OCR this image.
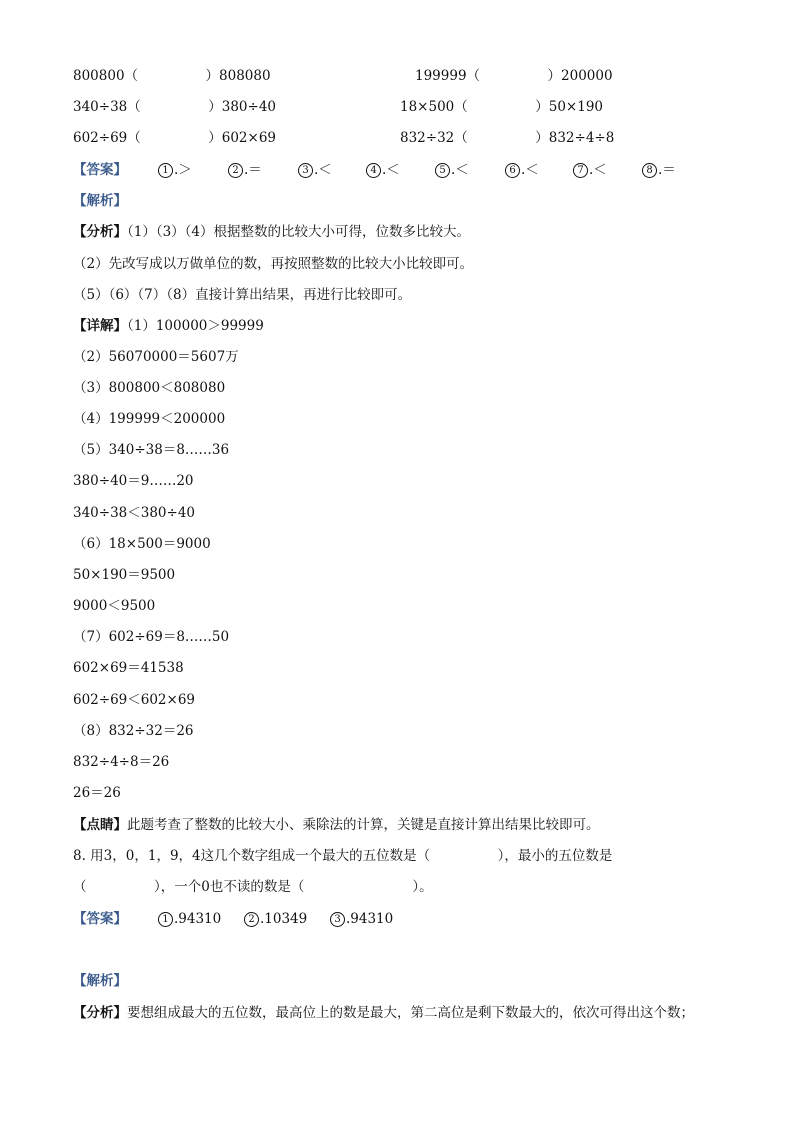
800800（　　　　　）808080	199999（　　　　　）200000
340÷38（　　　　　）380÷40	18×500（　　　　　）50×190
602÷69（　　　　　）602×69	832÷32（　　　　　）832÷4÷8
【答案】	1 .＞	2 .＝	3 .＜	4 .＜	5 .＜	6 .＜	7 .＜	8 .＝
【解析】
【分析】（1）（3）（4）根据整数的比较大小可得，位数多比较大。
（2）先改写成以万做单位的数，再按照整数的比较大小比较即可。
（5）（6）（7）（8）直接计算出结果，再进行比较即可。
【详解】（1）100000＞99999
（2）56070000＝5607万
（3）800800＜808080
（4）199999＜200000
（5）340÷38＝8……36
380÷40＝9……20
340÷38＜380÷40
（6）18×500＝9000
50×190＝9500
9000＜9500
（7）602÷69＝8……50
602×69＝41538
602÷69＜602×69
（8）832÷32＝26
832÷4÷8＝26
26＝26
【点睛】此题考查了整数的比较大小、乘除法的计算，关键是直接计算出结果比较即可。
8. 用3，0，1，9，4这几个数字组成一个最大的五位数是（　　　　　），最小的五位数是
（　　　　　），一个0也不读的数是（　　　　　　　　）。
【答案】	1 .94310	2 .10349	3 .94310
【解析】
【分析】要想组成最大的五位数，最高位上的数是最大，第二高位是剩下数最大的，依次可得出这个数；
